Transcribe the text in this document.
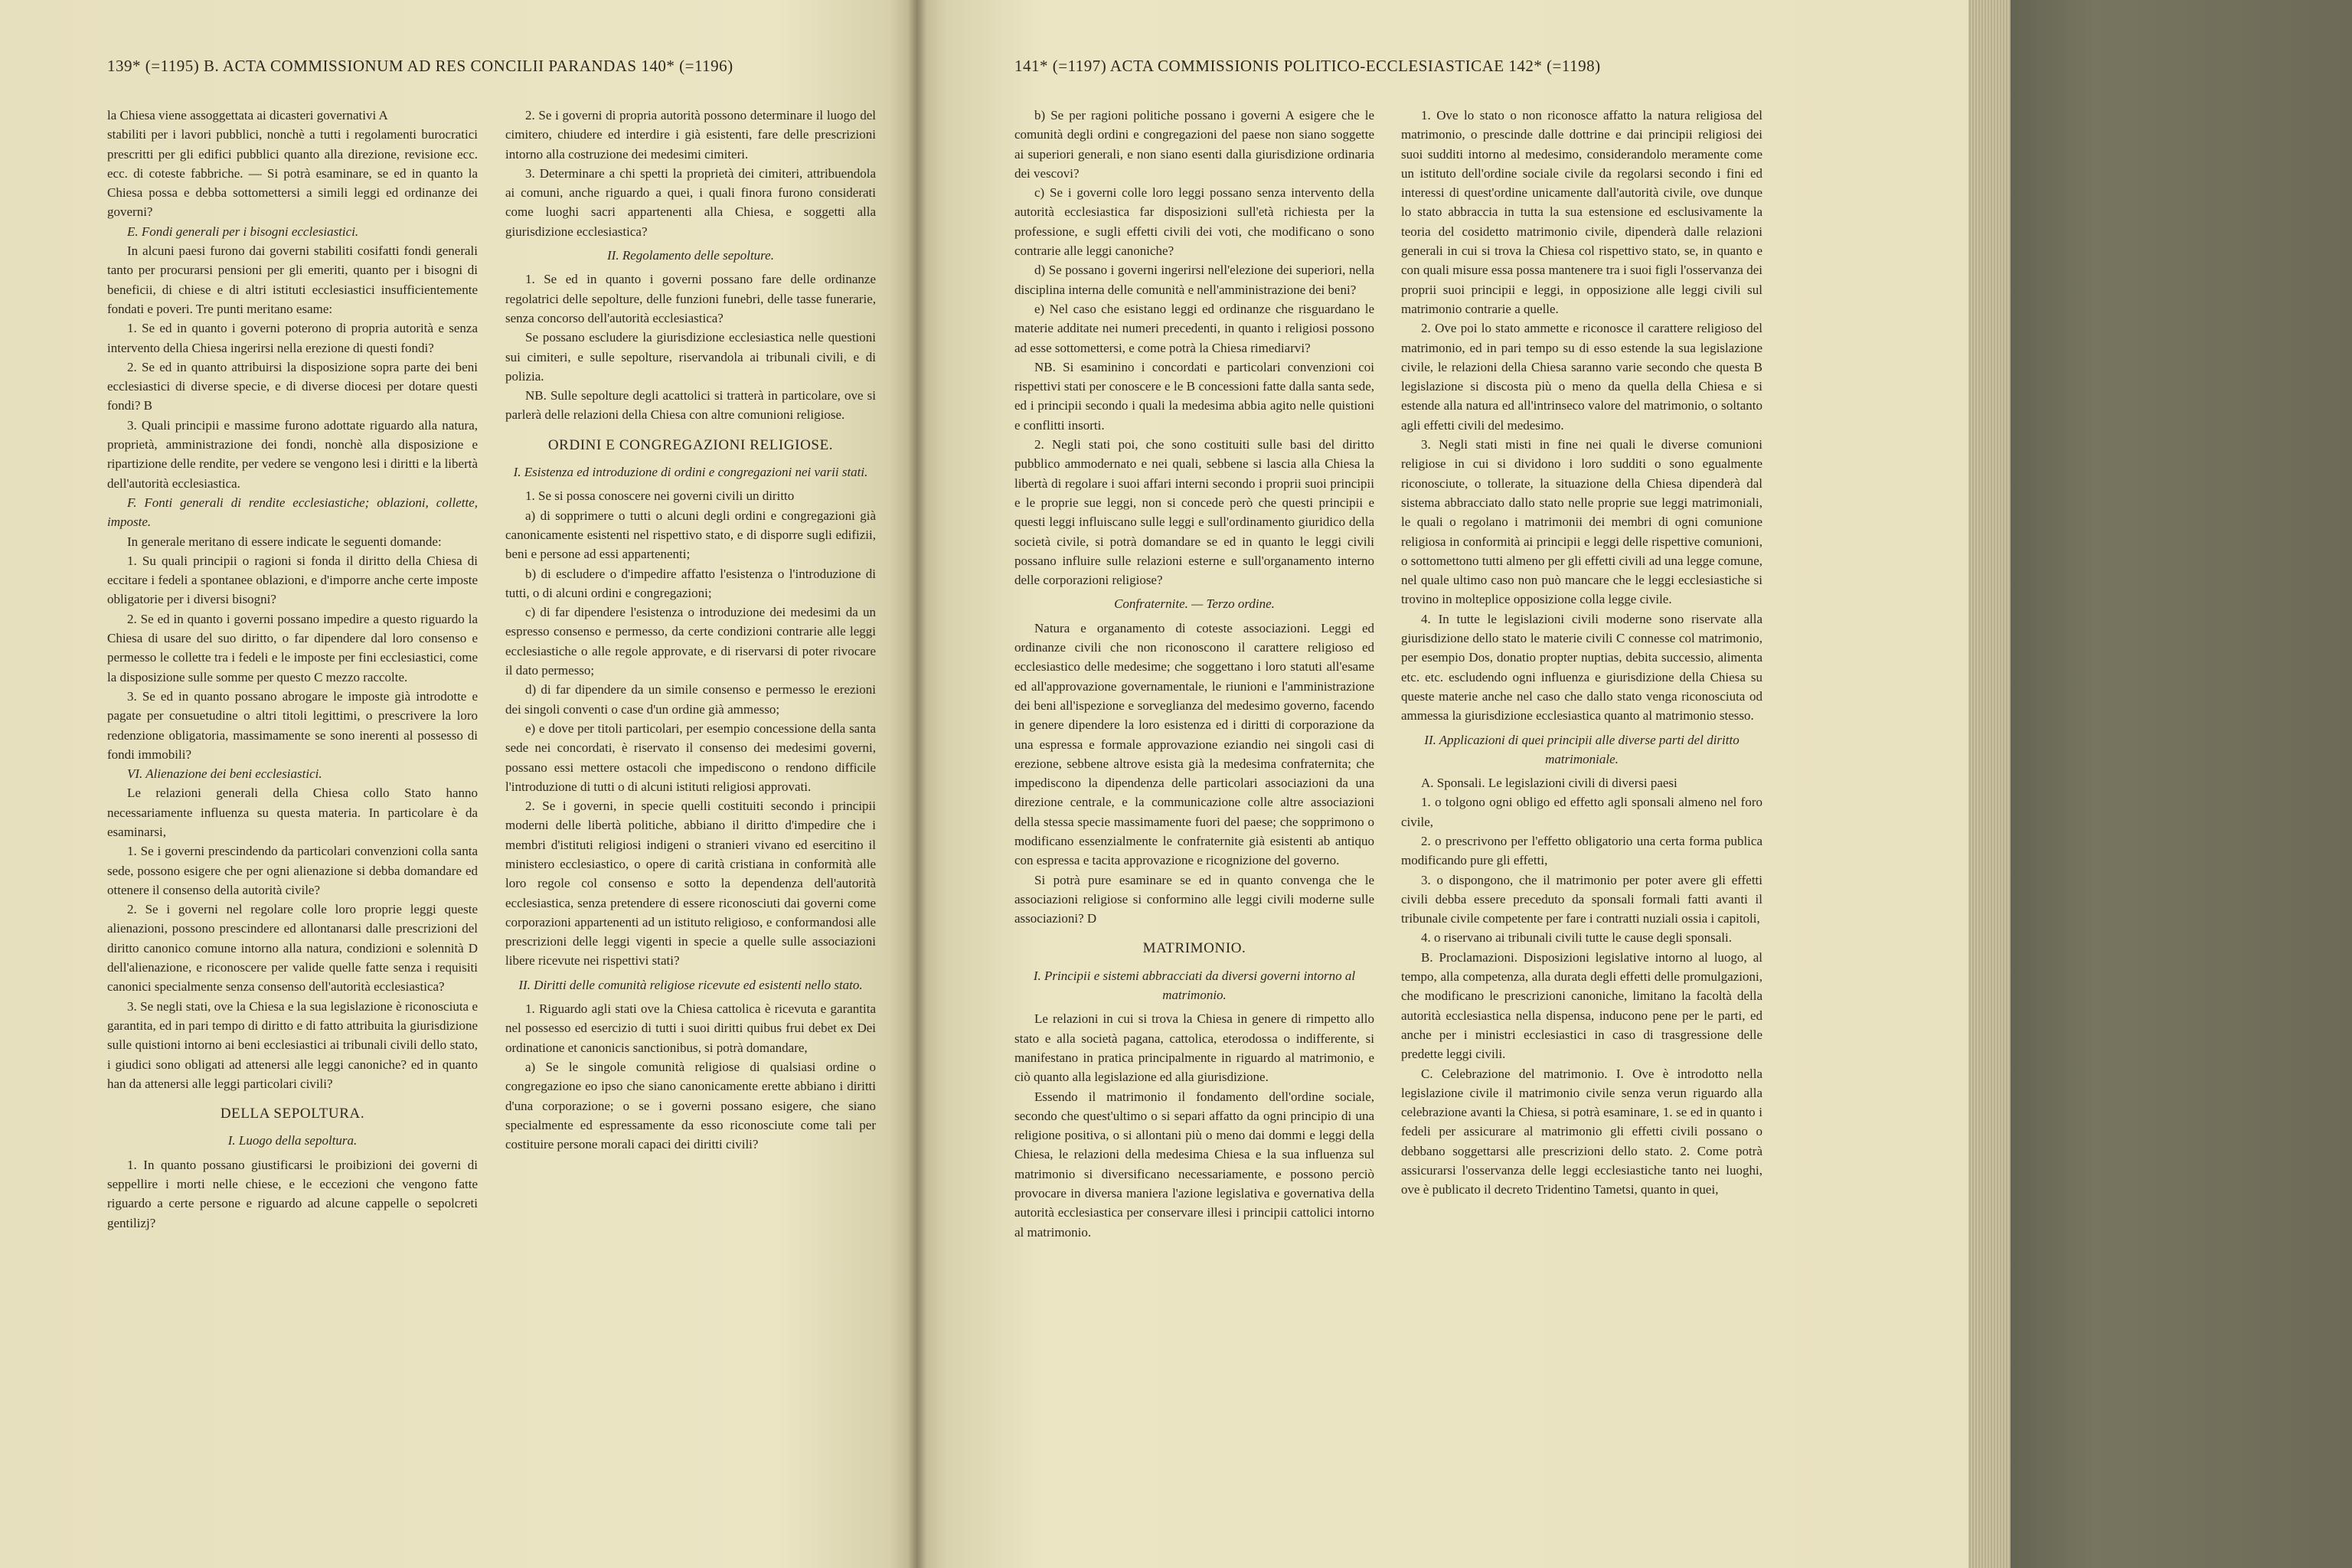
139* (=1195) B. ACTA COMMISSIONUM AD RES CONCILII PARANDAS 140* (=1196)

la Chiesa viene assoggettata ai dicasteri governativi A

stabiliti per i lavori pubblici, nonchè a tutti i regolamenti burocratici prescritti per gli edifici pubblici quanto alla direzione, revisione ecc. ecc. di coteste fabbriche. — Si potrà esaminare, se ed in quanto la Chiesa possa e debba sottomettersi a simili leggi ed ordinanze dei governi?

E. Fondi generali per i bisogni ecclesiastici.

In alcuni paesi furono dai governi stabiliti cosifatti fondi generali tanto per procurarsi pensioni per gli emeriti, quanto per i bisogni di beneficii, di chiese e di altri istituti ecclesiastici insufficientemente fondati e poveri. Tre punti meritano esame:

1. Se ed in quanto i governi poterono di propria autorità e senza intervento della Chiesa ingerirsi nella erezione di questi fondi?

2. Se ed in quanto attribuirsi la disposizione sopra parte dei beni ecclesiastici di diverse specie, e di diverse diocesi per dotare questi fondi? B

3. Quali principii e massime furono adottate riguardo alla natura, proprietà, amministrazione dei fondi, nonchè alla disposizione e ripartizione delle rendite, per vedere se vengono lesi i diritti e la libertà dell'autorità ecclesiastica.

F. Fonti generali di rendite ecclesiastiche; oblazioni, collette, imposte.

In generale meritano di essere indicate le seguenti domande:

1. Su quali principii o ragioni si fonda il diritto della Chiesa di eccitare i fedeli a spontanee oblazioni, e d'imporre anche certe imposte obligatorie per i diversi bisogni?

2. Se ed in quanto i governi possano impedire a questo riguardo la Chiesa di usare del suo diritto, o far dipendere dal loro consenso e permesso le collette tra i fedeli e le imposte per fini ecclesiastici, come la disposizione sulle somme per questo C mezzo raccolte.

3. Se ed in quanto possano abrogare le imposte già introdotte e pagate per consuetudine o altri titoli legittimi, o prescrivere la loro redenzione obligatoria, massimamente se sono inerenti al possesso di fondi immobili?

VI. Alienazione dei beni ecclesiastici.

Le relazioni generali della Chiesa collo Stato hanno necessariamente influenza su questa materia. In particolare è da esaminarsi,

1. Se i governi prescindendo da particolari convenzioni colla santa sede, possono esigere che per ogni alienazione si debba domandare ed ottenere il consenso della autorità civile?

2. Se i governi nel regolare colle loro proprie leggi queste alienazioni, possono prescindere ed allontanarsi dalle prescrizioni del diritto canonico comune intorno alla natura, condizioni e solennità D dell'alienazione, e riconoscere per valide quelle fatte senza i requisiti canonici specialmente senza consenso dell'autorità ecclesiastica?

3. Se negli stati, ove la Chiesa e la sua legislazione è riconosciuta e garantita, ed in pari tempo di diritto e di fatto attribuita la giurisdizione sulle quistioni intorno ai beni ecclesiastici ai tribunali civili dello stato, i giudici sono obligati ad attenersi alle leggi canoniche? ed in quanto han da attenersi alle leggi particolari civili?

DELLA SEPOLTURA.

I. Luogo della sepoltura.

1. In quanto possano giustificarsi le proibizioni dei governi di seppellire i morti nelle chiese, e le eccezioni che vengono fatte riguardo a certe persone e riguardo ad alcune cappelle o sepolcreti gentilizj?

2. Se i governi di propria autorità possono determinare il luogo del cimitero, chiudere ed interdire i già esistenti, fare delle prescrizioni intorno alla costruzione dei medesimi cimiteri.

3. Determinare a chi spetti la proprietà dei cimiteri, attribuendola ai comuni, anche riguardo a quei, i quali finora furono considerati come luoghi sacri appartenenti alla Chiesa, e soggetti alla giurisdizione ecclesiastica?

II. Regolamento delle sepolture.

1. Se ed in quanto i governi possano fare delle ordinanze regolatrici delle sepolture, delle funzioni funebri, delle tasse funerarie, senza concorso dell'autorità ecclesiastica?

Se possano escludere la giurisdizione ecclesiastica nelle questioni sui cimiteri, e sulle sepolture, riservandola ai tribunali civili, e di polizia.

NB. Sulle sepolture degli acattolici si tratterà in particolare, ove si parlerà delle relazioni della Chiesa con altre comunioni religiose.

ORDINI E CONGREGAZIONI RELIGIOSE.

I. Esistenza ed introduzione di ordini e congregazioni nei varii stati.

1. Se si possa conoscere nei governi civili un diritto

a) di sopprimere o tutti o alcuni degli ordini e congregazioni già canonicamente esistenti nel rispettivo stato, e di disporre sugli edifizii, beni e persone ad essi appartenenti;

b) di escludere o d'impedire affatto l'esistenza o l'introduzione di tutti, o di alcuni ordini e congregazioni;

c) di far dipendere l'esistenza o introduzione dei medesimi da un espresso consenso e permesso, da certe condizioni contrarie alle leggi ecclesiastiche o alle regole approvate, e di riservarsi di poter rivocare il dato permesso;

d) di far dipendere da un simile consenso e permesso le erezioni dei singoli conventi o case d'un ordine già ammesso;

e) e dove per titoli particolari, per esempio concessione della santa sede nei concordati, è riservato il consenso dei medesimi governi, possano essi mettere ostacoli che impediscono o rendono difficile l'introduzione di tutti o di alcuni istituti religiosi approvati.

2. Se i governi, in specie quelli costituiti secondo i principii moderni delle libertà politiche, abbiano il diritto d'impedire che i membri d'istituti religiosi indigeni o stranieri vivano ed esercitino il ministero ecclesiastico, o opere di carità cristiana in conformità alle loro regole col consenso e sotto la dependenza dell'autorità ecclesiastica, senza pretendere di essere riconosciuti dai governi come corporazioni appartenenti ad un istituto religioso, e conformandosi alle prescrizioni delle leggi vigenti in specie a quelle sulle associazioni libere ricevute nei rispettivi stati?

II. Diritti delle comunità religiose ricevute ed esistenti nello stato.

1. Riguardo agli stati ove la Chiesa cattolica è ricevuta e garantita nel possesso ed esercizio di tutti i suoi diritti quibus frui debet ex Dei ordinatione et canonicis sanctionibus, si potrà domandare,

a) Se le singole comunità religiose di qualsiasi ordine o congregazione eo ipso che siano canonicamente erette abbiano i diritti d'una corporazione; o se i governi possano esigere, che siano specialmente ed espressamente da esso riconosciute come tali per costituire persone morali capaci dei diritti civili?

141* (=1197) ACTA COMMISSIONIS POLITICO-ECCLESIASTICAE 142* (=1198)

b) Se per ragioni politiche possano i governi A esigere che le comunità degli ordini e congregazioni del paese non siano soggette ai superiori generali, e non siano esenti dalla giurisdizione ordinaria dei vescovi?

c) Se i governi colle loro leggi possano senza intervento della autorità ecclesiastica far disposizioni sull'età richiesta per la professione, e sugli effetti civili dei voti, che modificano o sono contrarie alle leggi canoniche?

d) Se possano i governi ingerirsi nell'elezione dei superiori, nella disciplina interna delle comunità e nell'amministrazione dei beni?

e) Nel caso che esistano leggi ed ordinanze che risguardano le materie additate nei numeri precedenti, in quanto i religiosi possono ad esse sottomettersi, e come potrà la Chiesa rimediarvi?

NB. Si esaminino i concordati e particolari convenzioni coi rispettivi stati per conoscere e le B concessioni fatte dalla santa sede, ed i principii secondo i quali la medesima abbia agito nelle quistioni e conflitti insorti.

2. Negli stati poi, che sono costituiti sulle basi del diritto pubblico ammodernato e nei quali, sebbene si lascia alla Chiesa la libertà di regolare i suoi affari interni secondo i proprii suoi principii e le proprie sue leggi, non si concede però che questi principii e questi leggi influiscano sulle leggi e sull'ordinamento giuridico della società civile, si potrà domandare se ed in quanto le leggi civili possano influire sulle relazioni esterne e sull'organamento interno delle corporazioni religiose?

Confraternite. — Terzo ordine.

Natura e organamento di coteste associazioni. Leggi ed ordinanze civili che non riconoscono il carattere religioso ed ecclesiastico delle medesime; che soggettano i loro statuti all'esame ed all'approvazione governamentale, le riunioni e l'amministrazione dei beni all'ispezione e sorveglianza del medesimo governo, facendo in genere dipendere la loro esistenza ed i diritti di corporazione da una espressa e formale approvazione eziandio nei singoli casi di erezione, sebbene altrove esista già la medesima confraternita; che impediscono la dipendenza delle particolari associazioni da una direzione centrale, e la communicazione colle altre associazioni della stessa specie massimamente fuori del paese; che sopprimono o modificano essenzialmente le confraternite già esistenti ab antiquo con espressa e tacita approvazione e ricognizione del governo.

Si potrà pure esaminare se ed in quanto convenga che le associazioni religiose si conformino alle leggi civili moderne sulle associazioni? D

MATRIMONIO.

I. Principii e sistemi abbracciati da diversi governi intorno al matrimonio.

Le relazioni in cui si trova la Chiesa in genere di rimpetto allo stato e alla società pagana, cattolica, eterodossa o indifferente, si manifestano in pratica principalmente in riguardo al matrimonio, e ciò quanto alla legislazione ed alla giurisdizione.

Essendo il matrimonio il fondamento dell'ordine sociale, secondo che quest'ultimo o si separi affatto da ogni principio di una religione positiva, o si allontani più o meno dai dommi e leggi della Chiesa, le relazioni della medesima Chiesa e la sua influenza sul matrimonio si diversificano necessariamente, e possono perciò provocare in diversa maniera l'azione legislativa e governativa della autorità ecclesiastica per conservare illesi i principii cattolici intorno al matrimonio.

1. Ove lo stato o non riconosce affatto la natura religiosa del matrimonio, o prescinde dalle dottrine e dai principii religiosi dei suoi sudditi intorno al medesimo, considerandolo meramente come un istituto dell'ordine sociale civile da regolarsi secondo i fini ed interessi di quest'ordine unicamente dall'autorità civile, ove dunque lo stato abbraccia in tutta la sua estensione ed esclusivamente la teoria del cosidetto matrimonio civile, dipenderà dalle relazioni generali in cui si trova la Chiesa col rispettivo stato, se, in quanto e con quali misure essa possa mantenere tra i suoi figli l'osservanza dei proprii suoi principii e leggi, in opposizione alle leggi civili sul matrimonio contrarie a quelle.

2. Ove poi lo stato ammette e riconosce il carattere religioso del matrimonio, ed in pari tempo su di esso estende la sua legislazione civile, le relazioni della Chiesa saranno varie secondo che questa B legislazione si discosta più o meno da quella della Chiesa e si estende alla natura ed all'intrinseco valore del matrimonio, o soltanto agli effetti civili del medesimo.

3. Negli stati misti in fine nei quali le diverse comunioni religiose in cui si dividono i loro sudditi o sono egualmente riconosciute, o tollerate, la situazione della Chiesa dipenderà dal sistema abbracciato dallo stato nelle proprie sue leggi matrimoniali, le quali o regolano i matrimonii dei membri di ogni comunione religiosa in conformità ai principii e leggi delle rispettive comunioni, o sottomettono tutti almeno per gli effetti civili ad una legge comune, nel quale ultimo caso non può mancare che le leggi ecclesiastiche si trovino in molteplice opposizione colla legge civile.

4. In tutte le legislazioni civili moderne sono riservate alla giurisdizione dello stato le materie civili C connesse col matrimonio, per esempio Dos, donatio propter nuptias, debita successio, alimenta etc. etc. escludendo ogni influenza e giurisdizione della Chiesa su queste materie anche nel caso che dallo stato venga riconosciuta od ammessa la giurisdizione ecclesiastica quanto al matrimonio stesso.

II. Applicazioni di quei principii alle diverse parti del diritto matrimoniale.

A. Sponsali. Le legislazioni civili di diversi paesi

1. o tolgono ogni obligo ed effetto agli sponsali almeno nel foro civile,

2. o prescrivono per l'effetto obligatorio una certa forma publica modificando pure gli effetti,

3. o dispongono, che il matrimonio per poter avere gli effetti civili debba essere preceduto da sponsali formali fatti avanti il tribunale civile competente per fare i contratti nuziali ossia i capitoli,

4. o riservano ai tribunali civili tutte le cause degli sponsali.

B. Proclamazioni. Disposizioni legislative intorno al luogo, al tempo, alla competenza, alla durata degli effetti delle promulgazioni, che modificano le prescrizioni canoniche, limitano la facoltà della autorità ecclesiastica nella dispensa, inducono pene per le parti, ed anche per i ministri ecclesiastici in caso di trasgressione delle predette leggi civili.

C. Celebrazione del matrimonio. I. Ove è introdotto nella legislazione civile il matrimonio civile senza verun riguardo alla celebrazione avanti la Chiesa, si potrà esaminare, 1. se ed in quanto i fedeli per assicurare al matrimonio gli effetti civili possano o debbano soggettarsi alle prescrizioni dello stato. 2. Come potrà assicurarsi l'osservanza delle leggi ecclesiastiche tanto nei luoghi, ove è publicato il decreto Tridentino Tametsi, quanto in quei,
